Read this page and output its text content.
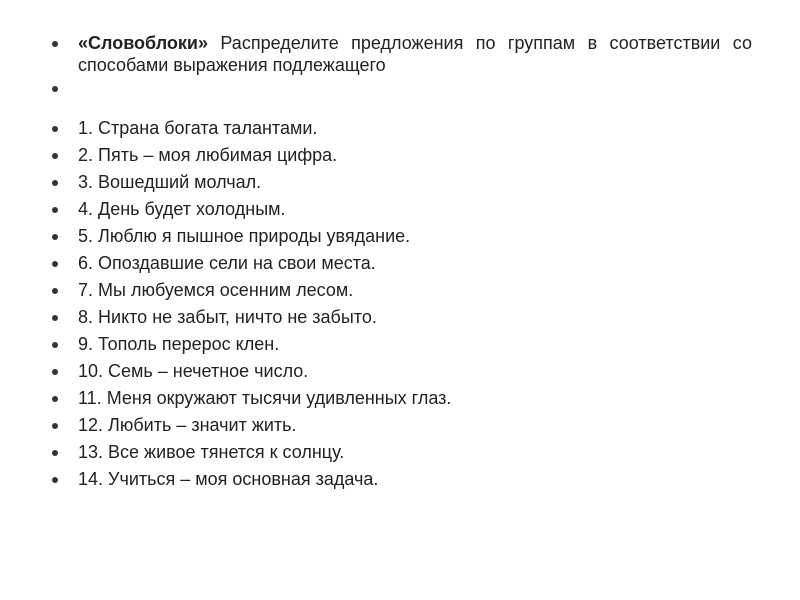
«Словоблоки» Распределите предложения по группам в соответствии со способами выражения подлежащего
1. Страна богата талантами.
2. Пять – моя любимая цифра.
3. Вошедший молчал.
4. День будет холодным.
5. Люблю я пышное природы увядание.
6. Опоздавшие сели на свои места.
7. Мы любуемся осенним лесом.
8. Никто не забыт, ничто не забыто.
9. Тополь перерос клен.
10. Семь – нечетное число.
11. Меня окружают тысячи удивленных глаз.
12. Любить – значит жить.
13. Все живое тянется к солнцу.
14. Учиться – моя основная задача.
